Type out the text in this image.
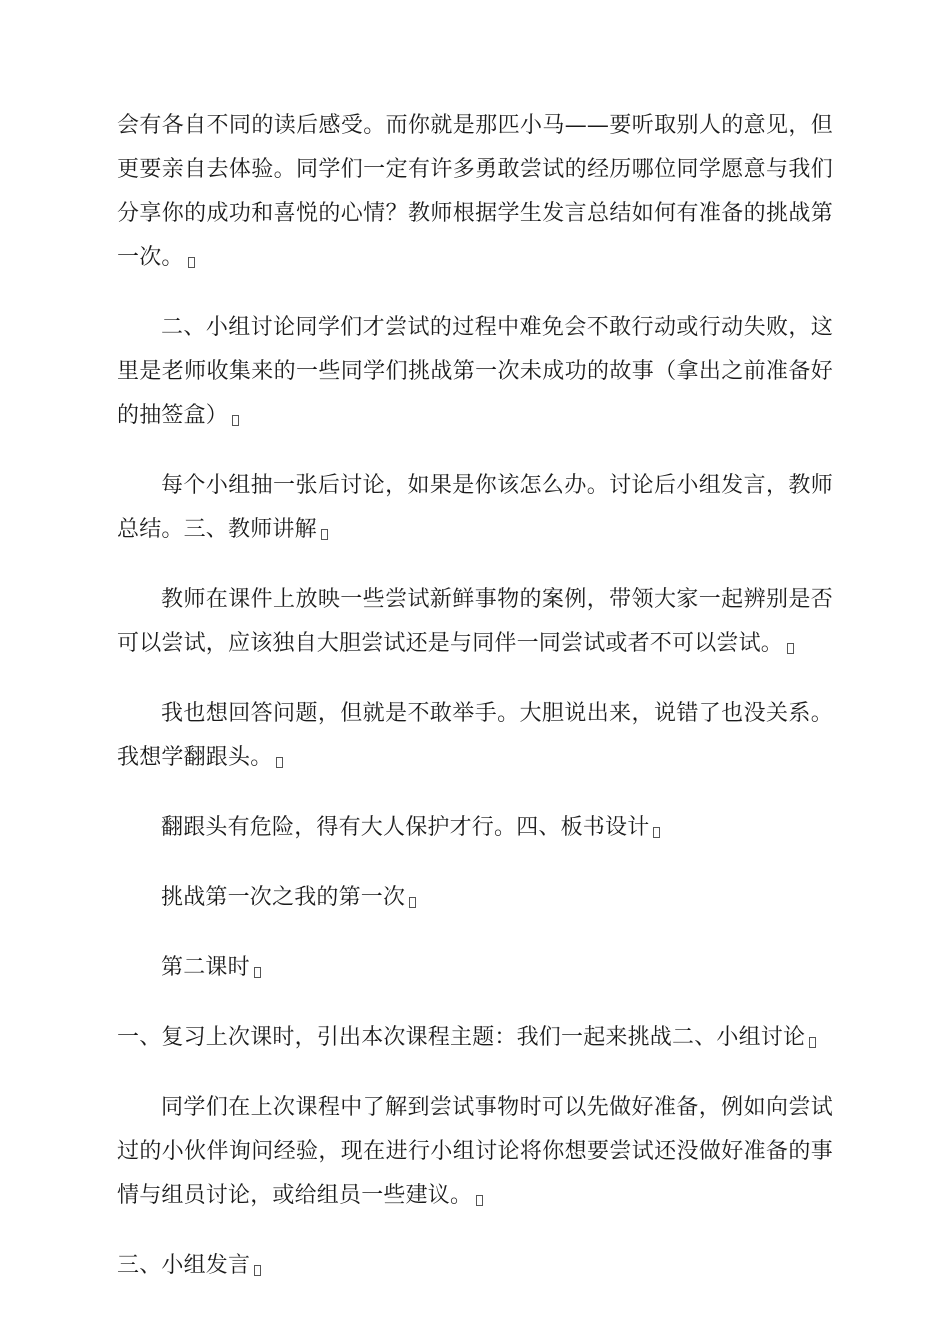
会有各自不同的读后感受。而你就是那匹小马——要听取别人的意见，但更要亲自去体验。同学们一定有许多勇敢尝试的经历哪位同学愿意与我们分享你的成功和喜悦的心情？教师根据学生发言总结如何有准备的挑战第一次。

二、小组讨论同学们才尝试的过程中难免会不敢行动或行动失败，这里是老师收集来的一些同学们挑战第一次未成功的故事（拿出之前准备好的抽签盒）

每个小组抽一张后讨论，如果是你该怎么办。讨论后小组发言，教师总结。三、教师讲解

教师在课件上放映一些尝试新鲜事物的案例，带领大家一起辨别是否可以尝试，应该独自大胆尝试还是与同伴一同尝试或者不可以尝试。

我也想回答问题，但就是不敢举手。大胆说出来，说错了也没关系。我想学翻跟头。

翻跟头有危险，得有大人保护才行。四、板书设计

挑战第一次之我的第一次

第二课时

一、复习上次课时，引出本次课程主题：我们一起来挑战二、小组讨论

同学们在上次课程中了解到尝试事物时可以先做好准备，例如向尝试过的小伙伴询问经验，现在进行小组讨论将你想要尝试还没做好准备的事情与组员讨论，或给组员一些建议。

三、小组发言
